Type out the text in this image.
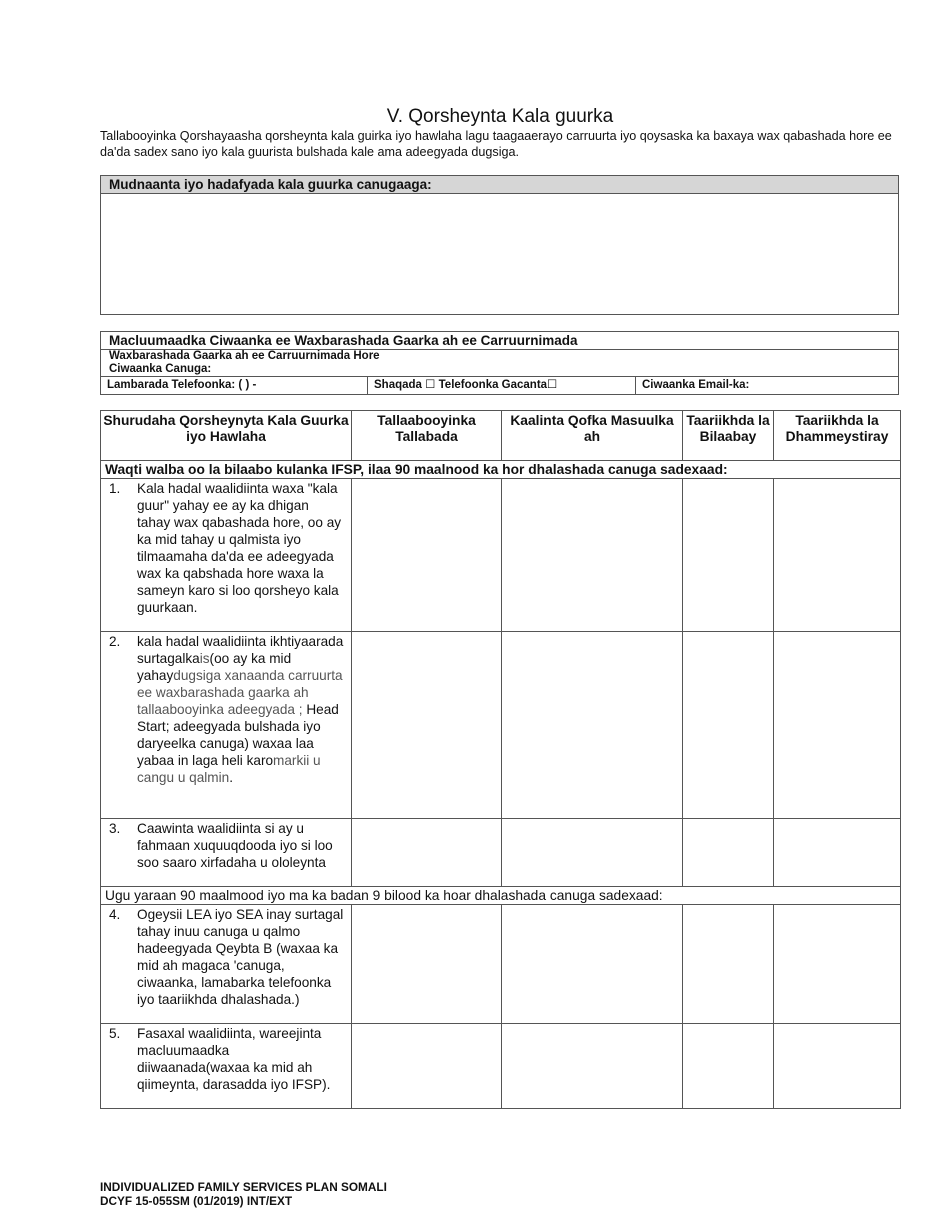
V. Qorsheynta Kala guurka
Tallabooyinka Qorshayaasha qorsheynta kala guirka iyo hawlaha lagu taagaaerayo carruurta iyo qoysaska ka baxaya wax qabashada hore ee da'da sadex sano iyo kala guurista bulshada kale ama adeegyada dugsiga.
Mudnaanta iyo hadafyada kala guurka canugaaga:
Macluumaadka Ciwaanka ee Waxbarashada Gaarka ah ee Carruurnimada
Waxbarashada Gaarka ah ee Carruurnimada Hore
Ciwaanka Canuga:
Lambarada Telefoonka: ( ) -	Shaqada ☐ Telefoonka Gacanta☐	Ciwaanka Email-ka:
Shurudaha Qorsheynyta Kala Guurka iyo Hawlaha	Tallaabooyinka Tallabada	Kaalinta Qofka Masuulka ah	Taariikhda la Bilaabay	Taariikhda la Dhammeystiray
Waqti walba oo la bilaabo kulanka IFSP, ilaa 90 maalnood ka hor dhalashada canuga sadexaad:				

1. Kala hadal waalidiinta waxa "kala guur" yahay ee ay ka dhigan tahay wax qabashada hore, oo ay ka mid tahay u qalmista iyo tilmaamaha da'da ee adeegyada wax ka qabshada hore waxa la sameyn karo si loo qorsheyo kala guurkaan.				

2. kala hadal waalidiinta ikhtiyaarada surtagalkais(oo ay ka mid yahaydugsiga xanaanda carruurta ee waxbarashada gaarka ah tallaabooyinka adeegyada ; Head Start; adeegyada bulshada iyo daryeelka canuga) waxaa laa yabaa in laga heli karomarkii u cangu u qalmin.				

3. Caawinta waalidiinta si ay u fahmaan xuquuqdooda iyo si loo soo saaro xirfadaha u ololeynta				

Ugu yaraan 90 maalmood iyo ma ka badan 9 bilood ka hoar dhalashada canuga sadexaad:				

4. Ogeysii LEA iyo SEA inay surtagal tahay inuu canuga u qalmo hadeegyada Qeybta B (waxaa ka mid ah magaca 'canuga, ciwaanka, lamabarka telefoonka iyo taariikhda dhalashada.)				

5. Fasaxal waalidiinta, wareejinta macluumaadka diiwaanada(waxaa ka mid ah qiimeynta, darasadda iyo IFSP).				

INDIVIDUALIZED FAMILY SERVICES PLAN SOMALI
DCYF 15-055SM (01/2019) INT/EXT
